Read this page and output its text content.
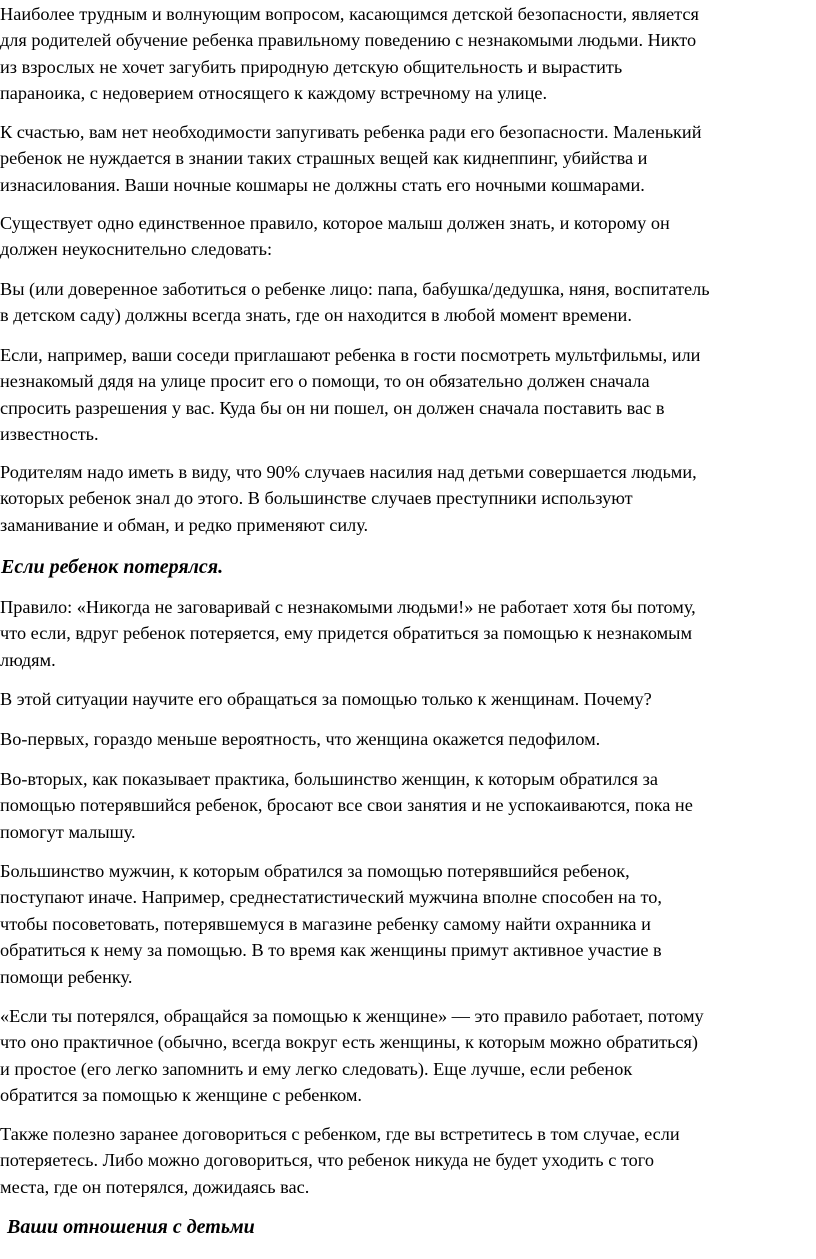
Наиболее трудным и волнующим вопросом, касающимся детской безопасности, является
для родителей обучение ребенка правильному поведению с незнакомыми людьми. Никто
из взрослых не хочет загубить природную детскую общительность и вырастить
параноика, с недоверием относящего к каждому встречному на улице.

К счастью, вам нет необходимости запугивать ребенка ради его безопасности. Маленький
ребенок не нуждается в знании таких страшных вещей как киднеппинг, убийства и
изнасилования. Ваши ночные кошмары не должны стать его ночными кошмарами.

Существует одно единственное правило, которое малыш должен знать, и которому он
должен неукоснительно следовать:

Вы (или доверенное заботиться о ребенке лицо: папа, бабушка/дедушка, няня, воспитатель
в детском саду) должны всегда знать, где он находится в любой момент времени.

Если, например, ваши соседи приглашают ребенка в гости посмотреть мультфильмы, или
незнакомый дядя на улице просит его о помощи, то он обязательно должен сначала
спросить разрешения у вас. Куда бы он ни пошел, он должен сначала поставить вас в
известность.

Родителям надо иметь в виду, что 90% случаев насилия над детьми совершается людьми,
которых ребенок знал до этого. В большинстве случаев преступники используют
заманивание и обман, и редко применяют силу.

Если ребенок потерялся.

Правило: «Никогда не заговаривай с незнакомыми людьми!» не работает хотя бы потому,
что если, вдруг ребенок потеряется, ему придется обратиться за помощью к незнакомым
людям.

В этой ситуации научите его обращаться за помощью только к женщинам. Почему?

Во-первых, гораздо меньше вероятность, что женщина окажется педофилом.

Во-вторых, как показывает практика, большинство женщин, к которым обратился за
помощью потерявшийся ребенок, бросают все свои занятия и не успокаиваются, пока не
помогут малышу.

Большинство мужчин, к которым обратился за помощью потерявшийся ребенок,
поступают иначе. Например, среднестатистический мужчина вполне способен на то,
чтобы посоветовать, потерявшемуся в магазине ребенку самому найти охранника и
обратиться к нему за помощью. В то время как женщины примут активное участие в
помощи ребенку.

«Если ты потерялся, обращайся за помощью к женщине» — это правило работает, потому
что оно практичное (обычно, всегда вокруг есть женщины, к которым можно обратиться)
и простое (его легко запомнить и ему легко следовать). Еще лучше, если ребенок
обратится за помощью к женщине с ребенком.

Также полезно заранее договориться с ребенком, где вы встретитесь в том случае, если
потеряетесь. Либо можно договориться, что ребенок никуда не будет уходить с того
места, где он потерялся, дожидаясь вас.

Ваши отношения с детьми
